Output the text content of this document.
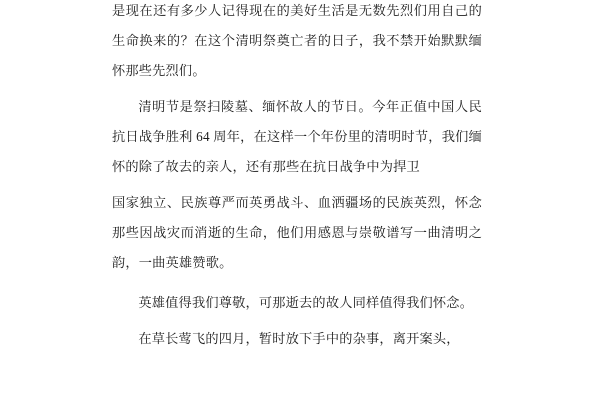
是现在还有多少人记得现在的美好生活是无数先烈们用自己的生命换来的？在这个清明祭奠亡者的日子，我不禁开始默默缅怀那些先烈们。

清明节是祭扫陵墓、缅怀故人的节日。今年正值中国人民抗日战争胜利 64 周年，在这样一个年份里的清明时节，我们缅怀的除了故去的亲人，还有那些在抗日战争中为捍卫

国家独立、民族尊严而英勇战斗、血洒疆场的民族英烈，怀念那些因战灾而消逝的生命，他们用感恩与崇敬谱写一曲清明之韵，一曲英雄赞歌。

英雄值得我们尊敬，可那逝去的故人同样值得我们怀念。

在草长莺飞的四月，暂时放下手中的杂事，离开案头，
